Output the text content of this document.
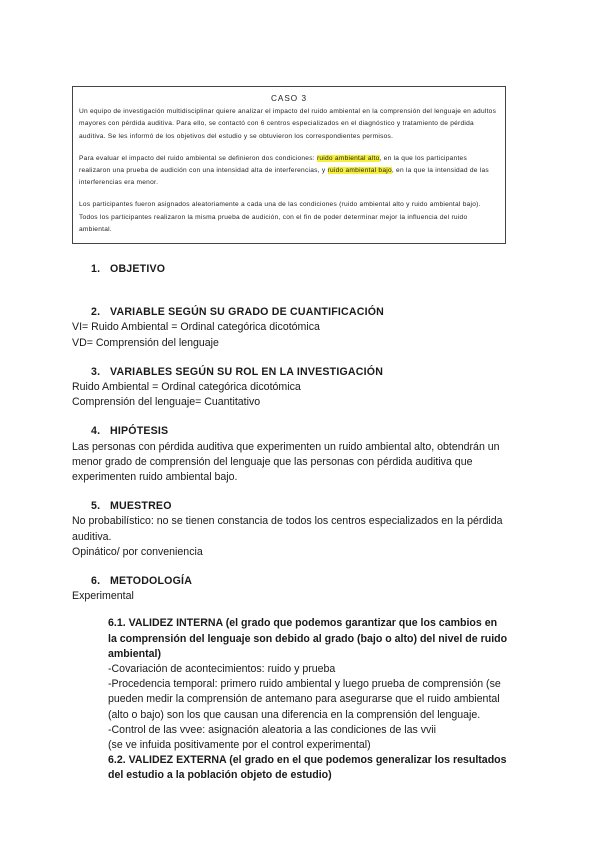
CASO 3

Un equipo de investigación multidisciplinar quiere analizar el impacto del ruido ambiental en la comprensión del lenguaje en adultos mayores con pérdida auditiva. Para ello, se contactó con 6 centros especializados en el diagnóstico y tratamiento de pérdida auditiva. Se les informó de los objetivos del estudio y se obtuvieron los correspondientes permisos.

Para evaluar el impacto del ruido ambiental se definieron dos condiciones: ruido ambiental alto, en la que los participantes realizaron una prueba de audición con una intensidad alta de interferencias, y ruido ambiental bajo, en la que la intensidad de las interferencias era menor.

Los participantes fueron asignados aleatoriamente a cada una de las condiciones (ruido ambiental alto y ruido ambiental bajo). Todos los participantes realizaron la misma prueba de audición, con el fin de poder determinar mejor la influencia del ruido ambiental.

1. OBJETIVO
2. VARIABLE SEGÚN SU GRADO DE CUANTIFICACIÓN
VI= Ruido Ambiental = Ordinal categórica dicotómica
VD= Comprensión del lenguaje
3. VARIABLES SEGÚN SU ROL EN LA INVESTIGACIÓN
Ruido Ambiental = Ordinal categórica dicotómica
Comprensión del lenguaje= Cuantitativo
4. HIPÓTESIS
Las personas con pérdida auditiva que experimenten un ruido ambiental alto, obtendrán un
menor grado de comprensión del lenguaje que las personas con pérdida auditiva que
experimenten ruido ambiental bajo.
5. MUESTREO
No probabilístico: no se tienen constancia de todos los centros especializados en la pérdida
auditiva.
Opinático/ por conveniencia
6. METODOLOGÍA
Experimental
6.1. VALIDEZ INTERNA (el grado que podemos garantizar que los cambios en
la comprensión del lenguaje son debido al grado (bajo o alto) del nivel de ruido
ambiental)
-Covariación de acontecimientos: ruido y prueba
-Procedencia temporal: primero ruido ambiental y luego prueba de comprensión (se
pueden medir la comprensión de antemano para asegurarse que el ruido ambiental
(alto o bajo) son los que causan una diferencia en la comprensión del lenguaje.
-Control de las vvee: asignación aleatoria a las condiciones de las vvii
(se ve infuida positivamente por el control experimental)
6.2. VALIDEZ EXTERNA (el grado en el que podemos generalizar los resultados
del estudio a la población objeto de estudio)
